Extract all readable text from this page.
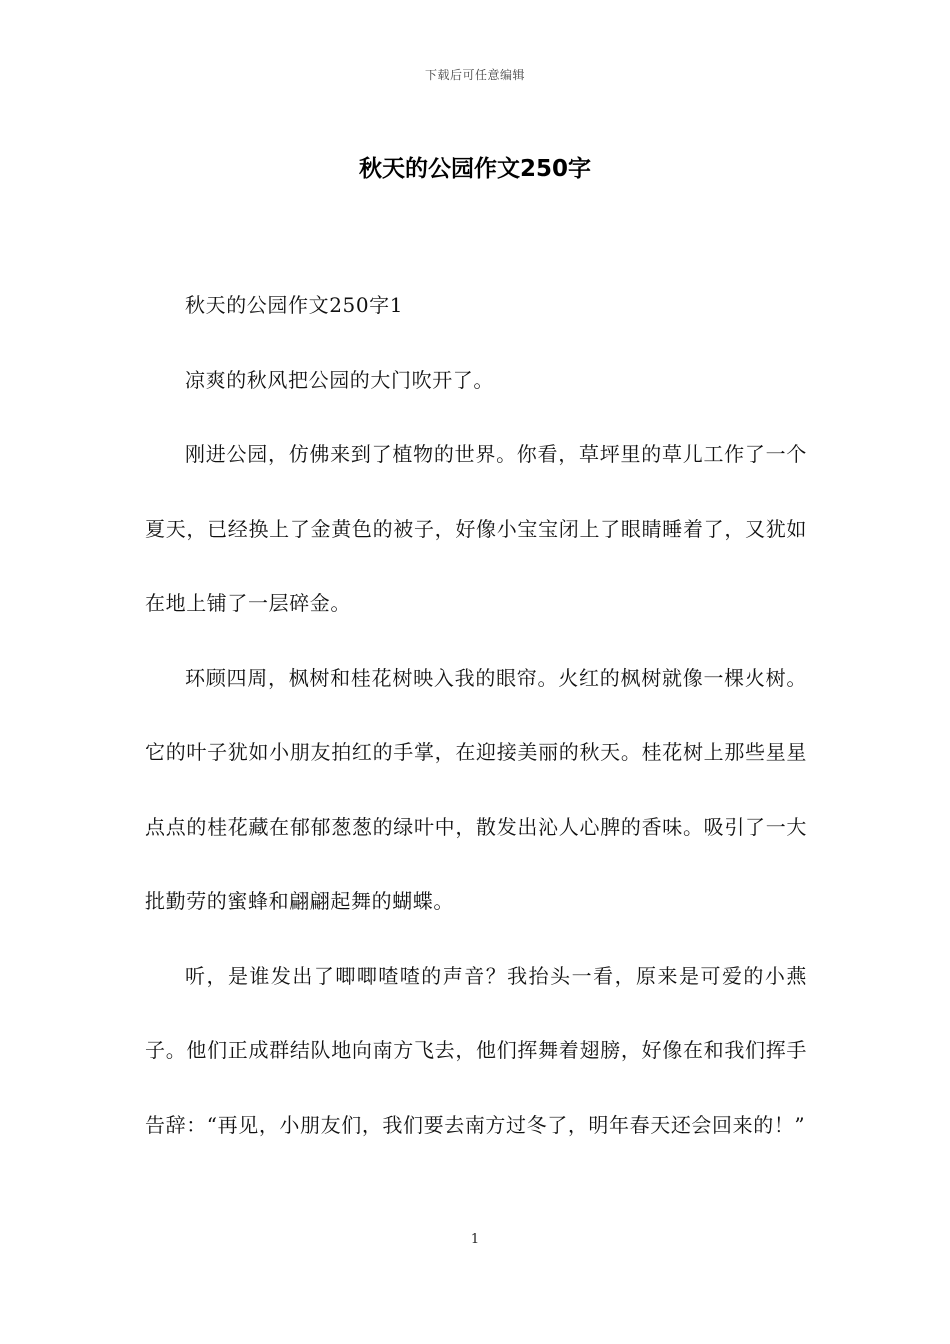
下载后可任意编辑
秋天的公园作文250字

秋天的公园作文250字1

凉爽的秋风把公园的大门吹开了。

刚进公园，仿佛来到了植物的世界。你看，草坪里的草儿工作了一个夏天，已经换上了金黄色的被子，好像小宝宝闭上了眼睛睡着了，又犹如在地上铺了一层碎金。

环顾四周，枫树和桂花树映入我的眼帘。火红的枫树就像一棵火树。它的叶子犹如小朋友拍红的手掌，在迎接美丽的秋天。桂花树上那些星星点点的桂花藏在郁郁葱葱的绿叶中，散发出沁人心脾的香味。吸引了一大批勤劳的蜜蜂和翩翩起舞的蝴蝶。

听，是谁发出了唧唧喳喳的声音？我抬头一看，原来是可爱的小燕子。他们正成群结队地向南方飞去，他们挥舞着翅膀，好像在和我们挥手告辞：“再见，小朋友们，我们要去南方过冬了，明年春天还会回来的！”

1
